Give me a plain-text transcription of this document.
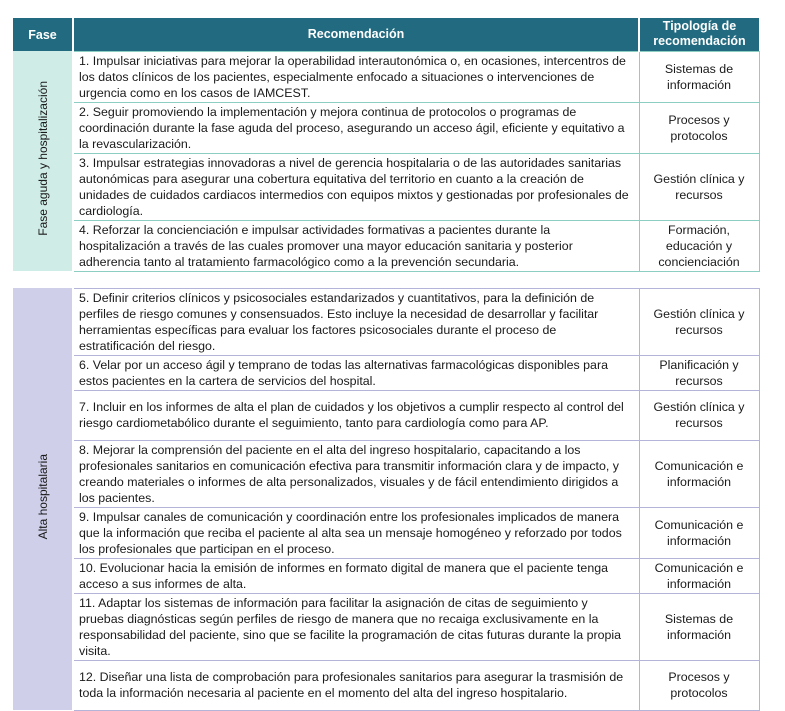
Fase	Recomendación	Tipología de
recomendación
Fase aguda y hospitalización	1. Impulsar iniciativas para mejorar la operabilidad interautonómica o, en ocasiones, intercentros de los datos clínicos de los pacientes, especialmente enfocado a situaciones o intervenciones de urgencia como en los casos de IAMCEST.	Sistemas de información
	2. Seguir promoviendo la implementación y mejora continua de protocolos o programas de coordinación durante la fase aguda del proceso, asegurando un acceso ágil, eficiente y equitativo a la revascularización.	Procesos y protocolos
	3. Impulsar estrategias innovadoras a nivel de gerencia hospitalaria o de las autoridades sanitarias autonómicas para asegurar una cobertura equitativa del territorio en cuanto a la creación de unidades de cuidados cardiacos intermedios con equipos mixtos y gestionadas por profesionales de cardiología.	Gestión clínica y recursos
	4. Reforzar la concienciación e impulsar actividades formativas a pacientes durante la hospitalización a través de las cuales promover una mayor educación sanitaria y posterior adherencia tanto al tratamiento farmacológico como a la prevención secundaria.	Formación, educación y concienciación

Alta hospitalaria	5. Definir criterios clínicos y psicosociales estandarizados y cuantitativos, para la definición de perfiles de riesgo comunes y consensuados. Esto incluye la necesidad de desarrollar y facilitar herramientas específicas para evaluar los factores psicosociales durante el proceso de estratificación del riesgo.	Gestión clínica y recursos
	6. Velar por un acceso ágil y temprano de todas las alternativas farmacológicas disponibles para estos pacientes en la cartera de servicios del hospital.	Planificación y recursos
	7. Incluir en los informes de alta el plan de cuidados y los objetivos a cumplir respecto al control del riesgo cardiometabólico durante el seguimiento, tanto para cardiología como para AP.	Gestión clínica y recursos
	8. Mejorar la comprensión del paciente en el alta del ingreso hospitalario, capacitando a los profesionales sanitarios en comunicación efectiva para transmitir información clara y de impacto, y creando materiales o informes de alta personalizados, visuales y de fácil entendimiento dirigidos a los pacientes.	Comunicación e información
	9. Impulsar canales de comunicación y coordinación entre los profesionales implicados de manera que la información que reciba el paciente al alta sea un mensaje homogéneo y reforzado por todos los profesionales que participan en el proceso.	Comunicación e información
	10. Evolucionar hacia la emisión de informes en formato digital de manera que el paciente tenga acceso a sus informes de alta.	Comunicación e información
	11. Adaptar los sistemas de información para facilitar la asignación de citas de seguimiento y pruebas diagnósticas según perfiles de riesgo de manera que no recaiga exclusivamente en la responsabilidad del paciente, sino que se facilite la programación de citas futuras durante la propia visita.	Sistemas de información
	12. Diseñar una lista de comprobación para profesionales sanitarios para asegurar la trasmisión de toda la información necesaria al paciente en el momento del alta del ingreso hospitalario.	Procesos y protocolos
